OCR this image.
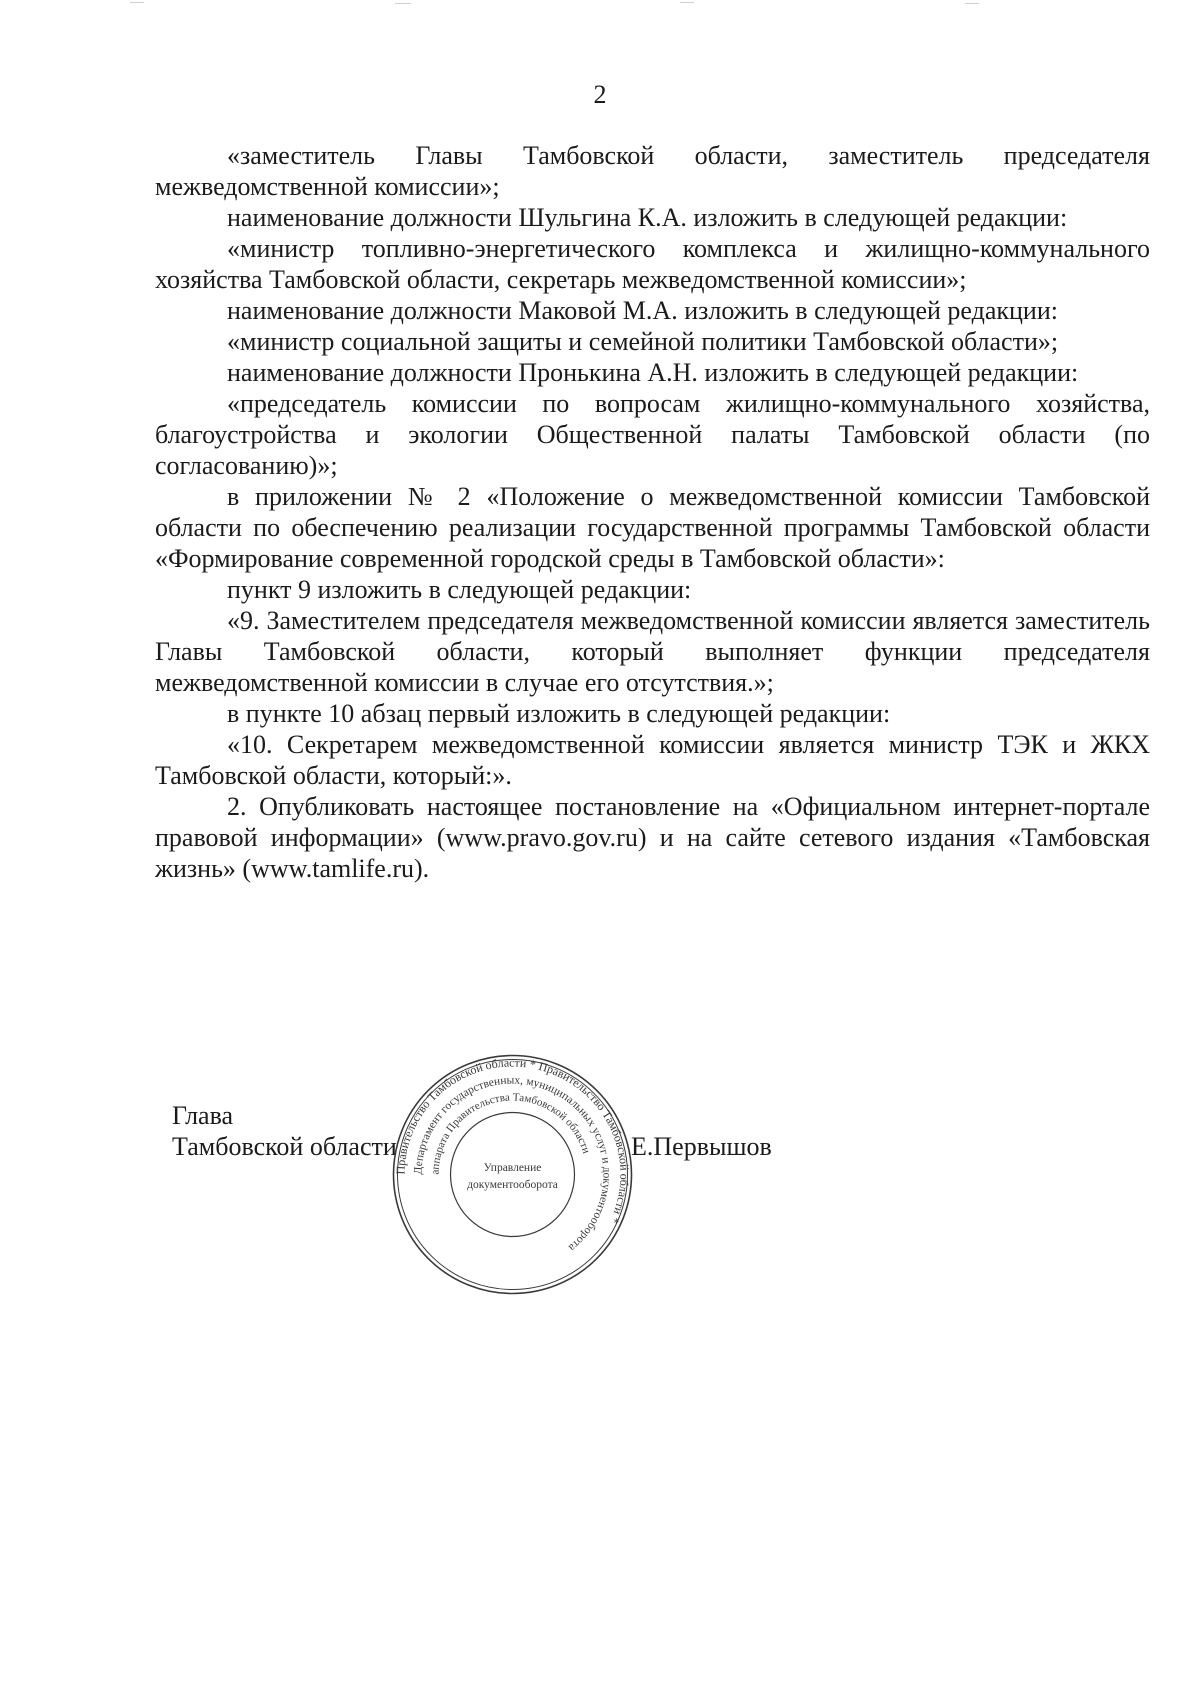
2

«заместитель Главы Тамбовской области, заместитель председателя межведомственной комиссии»;

наименование должности Шульгина К.А. изложить в следующей редакции:

«министр топливно-энергетического комплекса и жилищно-коммунального хозяйства Тамбовской области, секретарь межведомственной комиссии»;

наименование должности Маковой М.А. изложить в следующей редакции:

«министр социальной защиты и семейной политики Тамбовской области»;

наименование должности Пронькина А.Н. изложить в следующей редакции:

«председатель комиссии по вопросам жилищно-коммунального хозяйства, благоустройства и экологии Общественной палаты Тамбовской области (по согласованию)»;

в приложении № 2 «Положение о межведомственной комиссии Тамбовской области по обеспечению реализации государственной программы Тамбовской области «Формирование современной городской среды в Тамбовской области»:

пункт 9 изложить в следующей редакции:

«9. Заместителем председателя межведомственной комиссии является заместитель Главы Тамбовской области, который выполняет функции председателя межведомственной комиссии в случае его отсутствия.»;

в пункте 10 абзац первый изложить в следующей редакции:

«10. Секретарем межведомственной комиссии является министр ТЭК и ЖКХ Тамбовской области, который:».

2. Опубликовать настоящее постановление на «Официальном интернет-портале правовой информации» (www.pravo.gov.ru) и на сайте сетевого издания «Тамбовская жизнь» (www.tamlife.ru).

Глава
Тамбовской области
Правительство Тамбовской области * Правительство Тамбовской области *
Департамент государственных, муниципальных услуг и документооборота
аппарата Правительства Тамбовской области
Управление
документооборота
Е.Первышов
